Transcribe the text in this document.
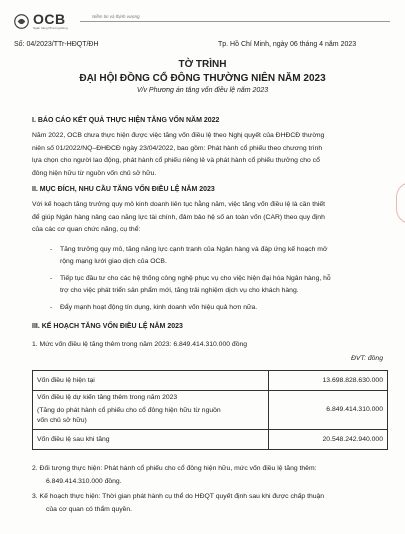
OCB
Ngân hàng Phương Đông
Niềm tin và thịnh vượng
Số: 04/2023/TTr-HĐQT/ĐH	Tp. Hồ Chí Minh, ngày 06 tháng 4 năm 2023
TỜ TRÌNH
ĐẠI HỘI ĐỒNG CỔ ĐÔNG THƯỜNG NIÊN NĂM 2023
V/v Phương án tăng vốn điều lệ năm 2023
I. BÁO CÁO KẾT QUẢ THỰC HIỆN TĂNG VỐN NĂM 2022
Năm 2022, OCB chưa thực hiện được việc tăng vốn điều lệ theo Nghị quyết của ĐHĐCĐ thường
niên số 01/2022/NQ–ĐHĐCĐ ngày 23/04/2022, bao gồm: Phát hành cổ phiếu theo chương trình
lựa chọn cho người lao động, phát hành cổ phiếu riêng lẻ và phát hành cổ phiếu thưởng cho cổ
đông hiện hữu từ nguồn vốn chủ sở hữu.
II. MỤC ĐÍCH, NHU CẦU TĂNG VỐN ĐIỀU LỆ NĂM 2023
Với kế hoạch tăng trưởng quy mô kinh doanh liên tục hằng năm, việc tăng vốn điều lệ là cần thiết
để giúp Ngân hàng nâng cao năng lực tài chính, đảm bảo hệ số an toàn vốn (CAR) theo quy định
của các cơ quan chức năng, cụ thể:
- Tăng trưởng quy mô, tăng năng lực cạnh tranh của Ngân hàng và đáp ứng kế hoạch mở
rộng mạng lưới giao dịch của OCB.
- Tiếp tục đầu tư cho các hệ thống công nghệ phục vụ cho việc hiện đại hóa Ngân hàng, hỗ
trợ cho việc phát triển sản phẩm mới, tăng trải nghiệm dịch vụ cho khách hàng.
- Đẩy mạnh hoạt động tín dụng, kinh doanh vốn hiệu quả hơn nữa.
III. KẾ HOẠCH TĂNG VỐN ĐIỀU LỆ NĂM 2023
1. Mức vốn điều lệ tăng thêm trong năm 2023: 6.849.414.310.000 đồng
ĐVT: đồng
Vốn điều lệ hiện tại	13.698.828.630.000

Vốn điều lệ dự kiến tăng thêm trong năm 2023
(Tăng do phát hành cổ phiếu cho cổ đông hiện hữu từ nguồn
vốn chủ sở hữu)	6.849.414.310.000
Vốn điều lệ sau khi tăng	20.548.242.940.000
2. Đối tượng thực hiện: Phát hành cổ phiếu cho cổ đông hiện hữu, mức vốn điều lệ tăng thêm:
6.849.414.310.000 đồng.
3. Kế hoạch thực hiện: Thời gian phát hành cụ thể do HĐQT quyết định sau khi được chấp thuận
của cơ quan có thẩm quyền.
